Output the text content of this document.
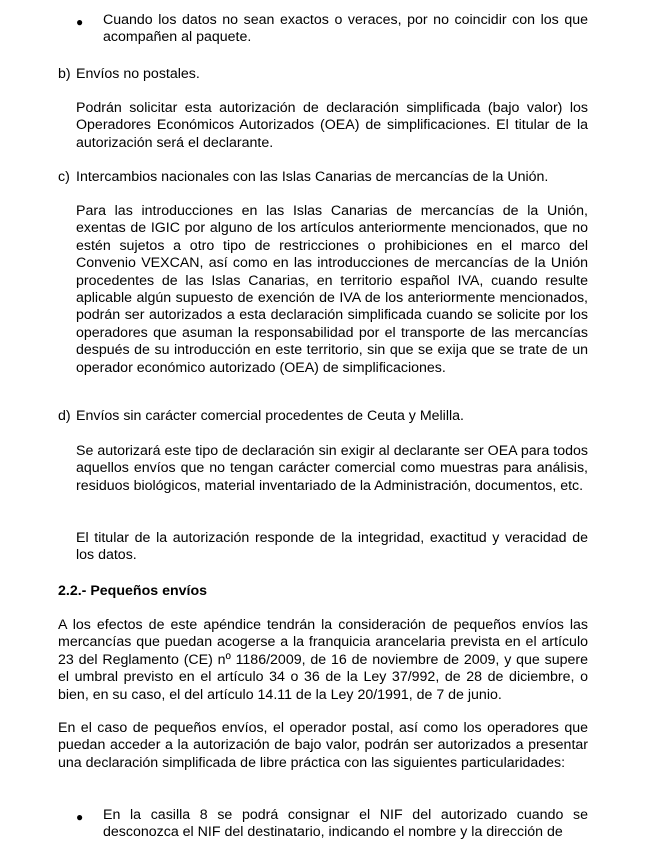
● Cuando los datos no sean exactos o veraces, por no coincidir con los que acompañen al paquete.

b) Envíos no postales.

Podrán solicitar esta autorización de declaración simplificada (bajo valor) los Operadores Económicos Autorizados (OEA) de simplificaciones. El titular de la autorización será el declarante.

c) Intercambios nacionales con las Islas Canarias de mercancías de la Unión.

Para las introducciones en las Islas Canarias de mercancías de la Unión, exentas de IGIC por alguno de los artículos anteriormente mencionados, que no estén sujetos a otro tipo de restricciones o prohibiciones en el marco del Convenio VEXCAN, así como en las introducciones de mercancías de la Unión procedentes de las Islas Canarias, en territorio español IVA, cuando resulte aplicable algún supuesto de exención de IVA de los anteriormente mencionados, podrán ser autorizados a esta declaración simplificada cuando se solicite por los operadores que asuman la responsabilidad por el transporte de las mercancías después de su introducción en este territorio, sin que se exija que se trate de un operador económico autorizado (OEA) de simplificaciones.

d) Envíos sin carácter comercial procedentes de Ceuta y Melilla.

Se autorizará este tipo de declaración sin exigir al declarante ser OEA para todos aquellos envíos que no tengan carácter comercial como muestras para análisis, residuos biológicos, material inventariado de la Administración, documentos, etc.

El titular de la autorización responde de la integridad, exactitud y veracidad de los datos.

2.2.- Pequeños envíos

A los efectos de este apéndice tendrán la consideración de pequeños envíos las mercancías que puedan acogerse a la franquicia arancelaria prevista en el artículo 23 del Reglamento (CE) nº 1186/2009, de 16 de noviembre de 2009, y que supere el umbral previsto en el artículo 34 o 36 de la Ley 37/992, de 28 de diciembre, o bien, en su caso, el del artículo 14.11 de la Ley 20/1991, de 7 de junio.

En el caso de pequeños envíos, el operador postal, así como los operadores que puedan acceder a la autorización de bajo valor, podrán ser autorizados a presentar una declaración simplificada de libre práctica con las siguientes particularidades:

● En la casilla 8 se podrá consignar el NIF del autorizado cuando se desconozca el NIF del destinatario, indicando el nombre y la dirección de
